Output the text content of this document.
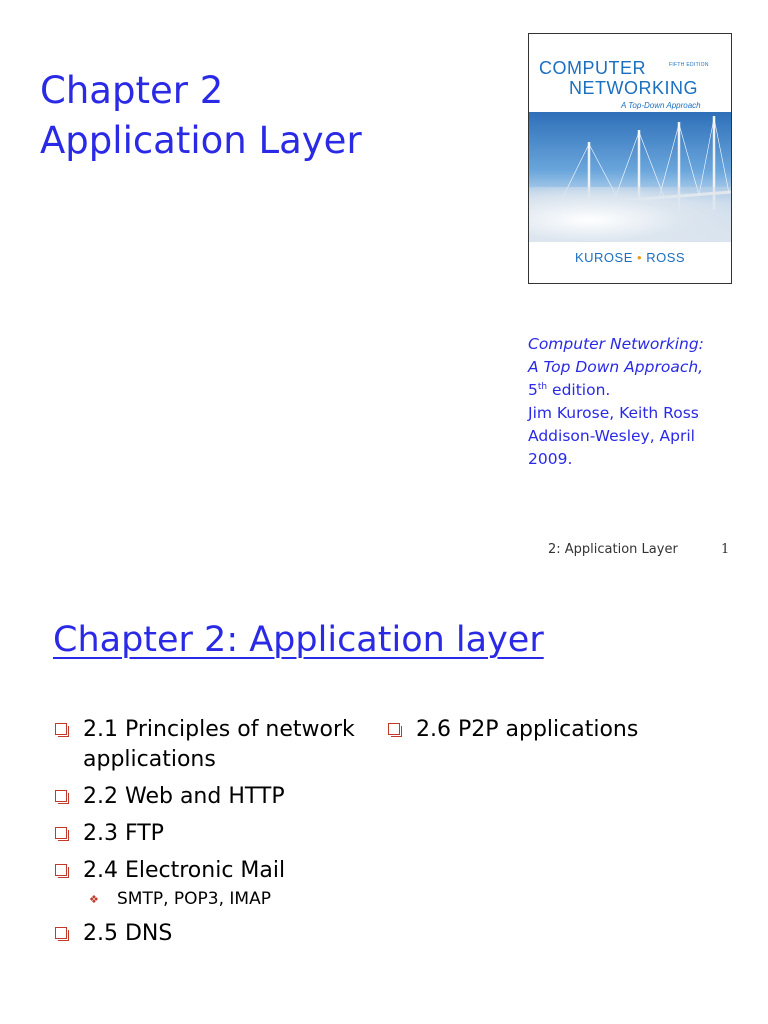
Chapter 2
Application Layer
COMPUTER	FIFTH EDITION
NETWORKING
A Top-Down Approach
KUROSE • ROSS
Computer Networking:
A Top Down Approach,
5th edition.
Jim Kurose, Keith Ross
Addison-Wesley, April
2009.
2: Application Layer	1
Chapter 2: Application layer
2.1 Principles of network applications
2.2 Web and HTTP
2.3 FTP
2.4 Electronic Mail
❖	SMTP, POP3, IMAP
2.5 DNS
2.6 P2P applications
